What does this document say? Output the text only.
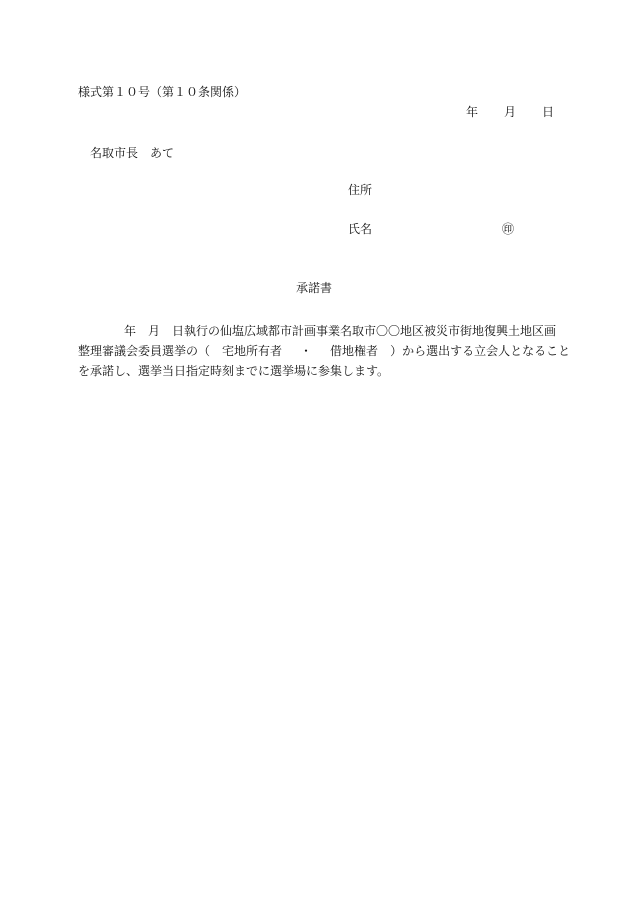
様式第１０号（第１０条関係）
年 月 日
名取市長 あて
住所
氏名	㊞
承諾書
年 月 日執行の仙塩広域都市計画事業名取市〇〇地区被災市街地復興土地区画
整理審議会委員選挙の（ 宅地所有者 ・ 借地権者 ）から選出する立会人となること
を承諾し、選挙当日指定時刻までに選挙場に参集します。
